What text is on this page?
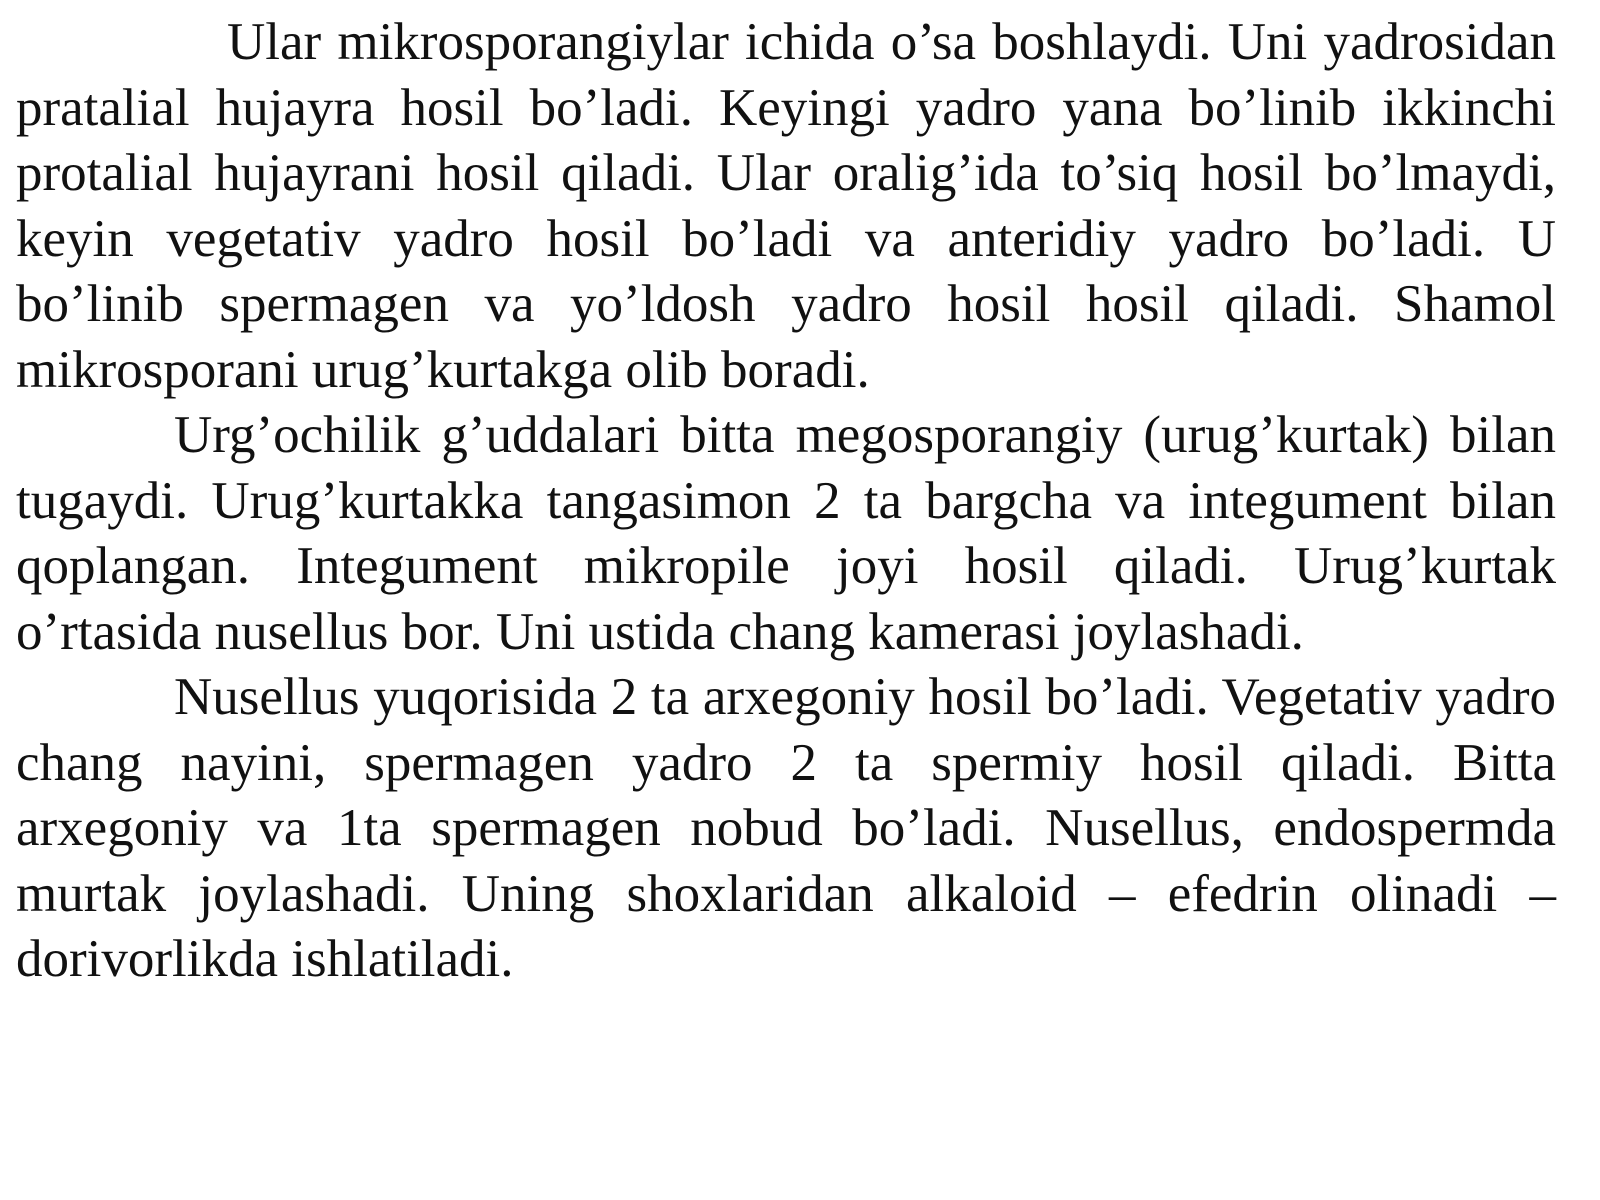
Ular mikrosporangiylar ichida o’sa boshlaydi. Uni yadrosidan pratalial hujayra hosil bo’ladi. Keyingi yadro yana bo’linib ikkinchi protalial hujayrani hosil qiladi. Ular oralig’ida to’siq hosil bo’lmaydi, keyin vegetativ yadro hosil bo’ladi va anteridiy yadro bo’ladi. U bo’linib spermagen va yo’ldosh yadro hosil hosil qiladi. Shamol mikrosporani urug’kurtakga olib boradi.

Urg’ochilik g’uddalari bitta megosporangiy (urug’kurtak) bilan tugaydi. Urug’kurtakka tangasimon 2 ta bargcha va integument bilan qoplangan. Integument mikropile joyi hosil qiladi. Urug’kurtak o’rtasida nusellus bor. Uni ustida chang kamerasi joylashadi.

Nusellus yuqorisida 2 ta arxegoniy hosil bo’ladi. Vegetativ yadro chang nayini, spermagen yadro 2 ta spermiy hosil qiladi. Bitta arxegoniy va 1ta spermagen nobud bo’ladi. Nusellus, endospermda murtak joylashadi. Uning shoxlaridan alkaloid – efedrin olinadi – dorivorlikda ishlatiladi.
